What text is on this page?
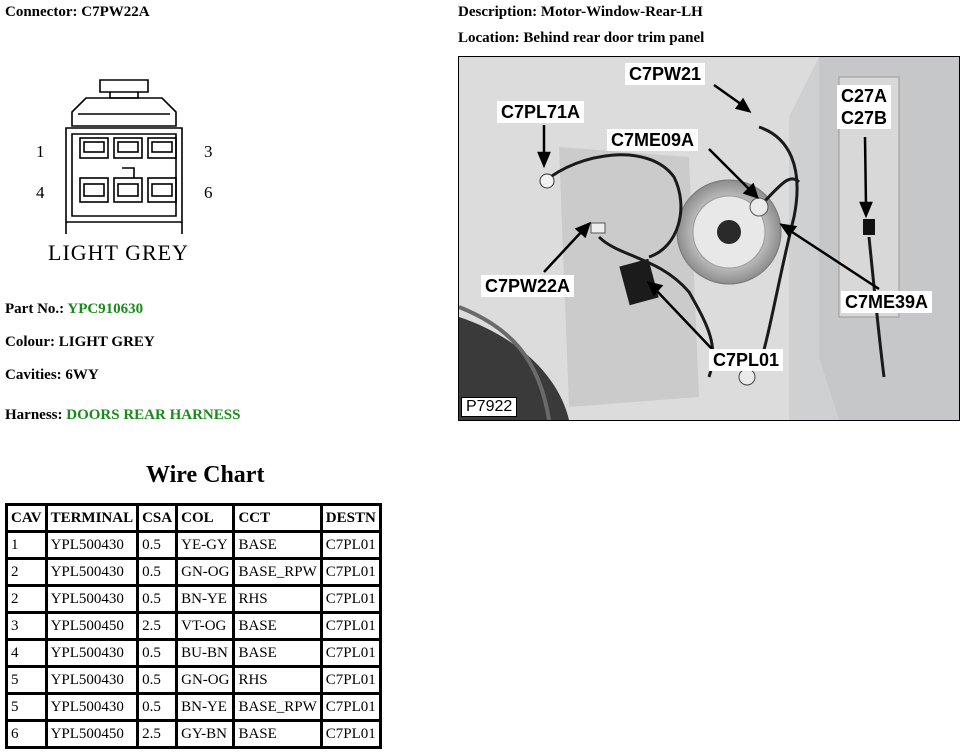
Connector: C7PW22A	Description: Motor-Window-Rear-LH
Location: Behind rear door trim panel
1	3
4	6
LIGHT GREY
Part No.: YPC910630
Colour: LIGHT GREY
Cavities: 6WY
Harness: DOORS REAR HARNESS
Wire Chart
CAV	TERMINAL	CSA	COL	CCT	DESTN
1	YPL500430	0.5	YE-GY	BASE	C7PL01
2	YPL500430	0.5	GN-OG	BASE_RPW	C7PL01
2	YPL500430	0.5	BN-YE	RHS	C7PL01
3	YPL500450	2.5	VT-OG	BASE	C7PL01
4	YPL500430	0.5	BU-BN	BASE	C7PL01
5	YPL500430	0.5	GN-OG	RHS	C7PL01
5	YPL500430	0.5	BN-YE	BASE_RPW	C7PL01
6	YPL500450	2.5	GY-BN	BASE	C7PL01
C7PW21
C7PL71A
C7ME09A
C27A
C27B
C7PW22A
C7ME39A
C7PL01
P7922
